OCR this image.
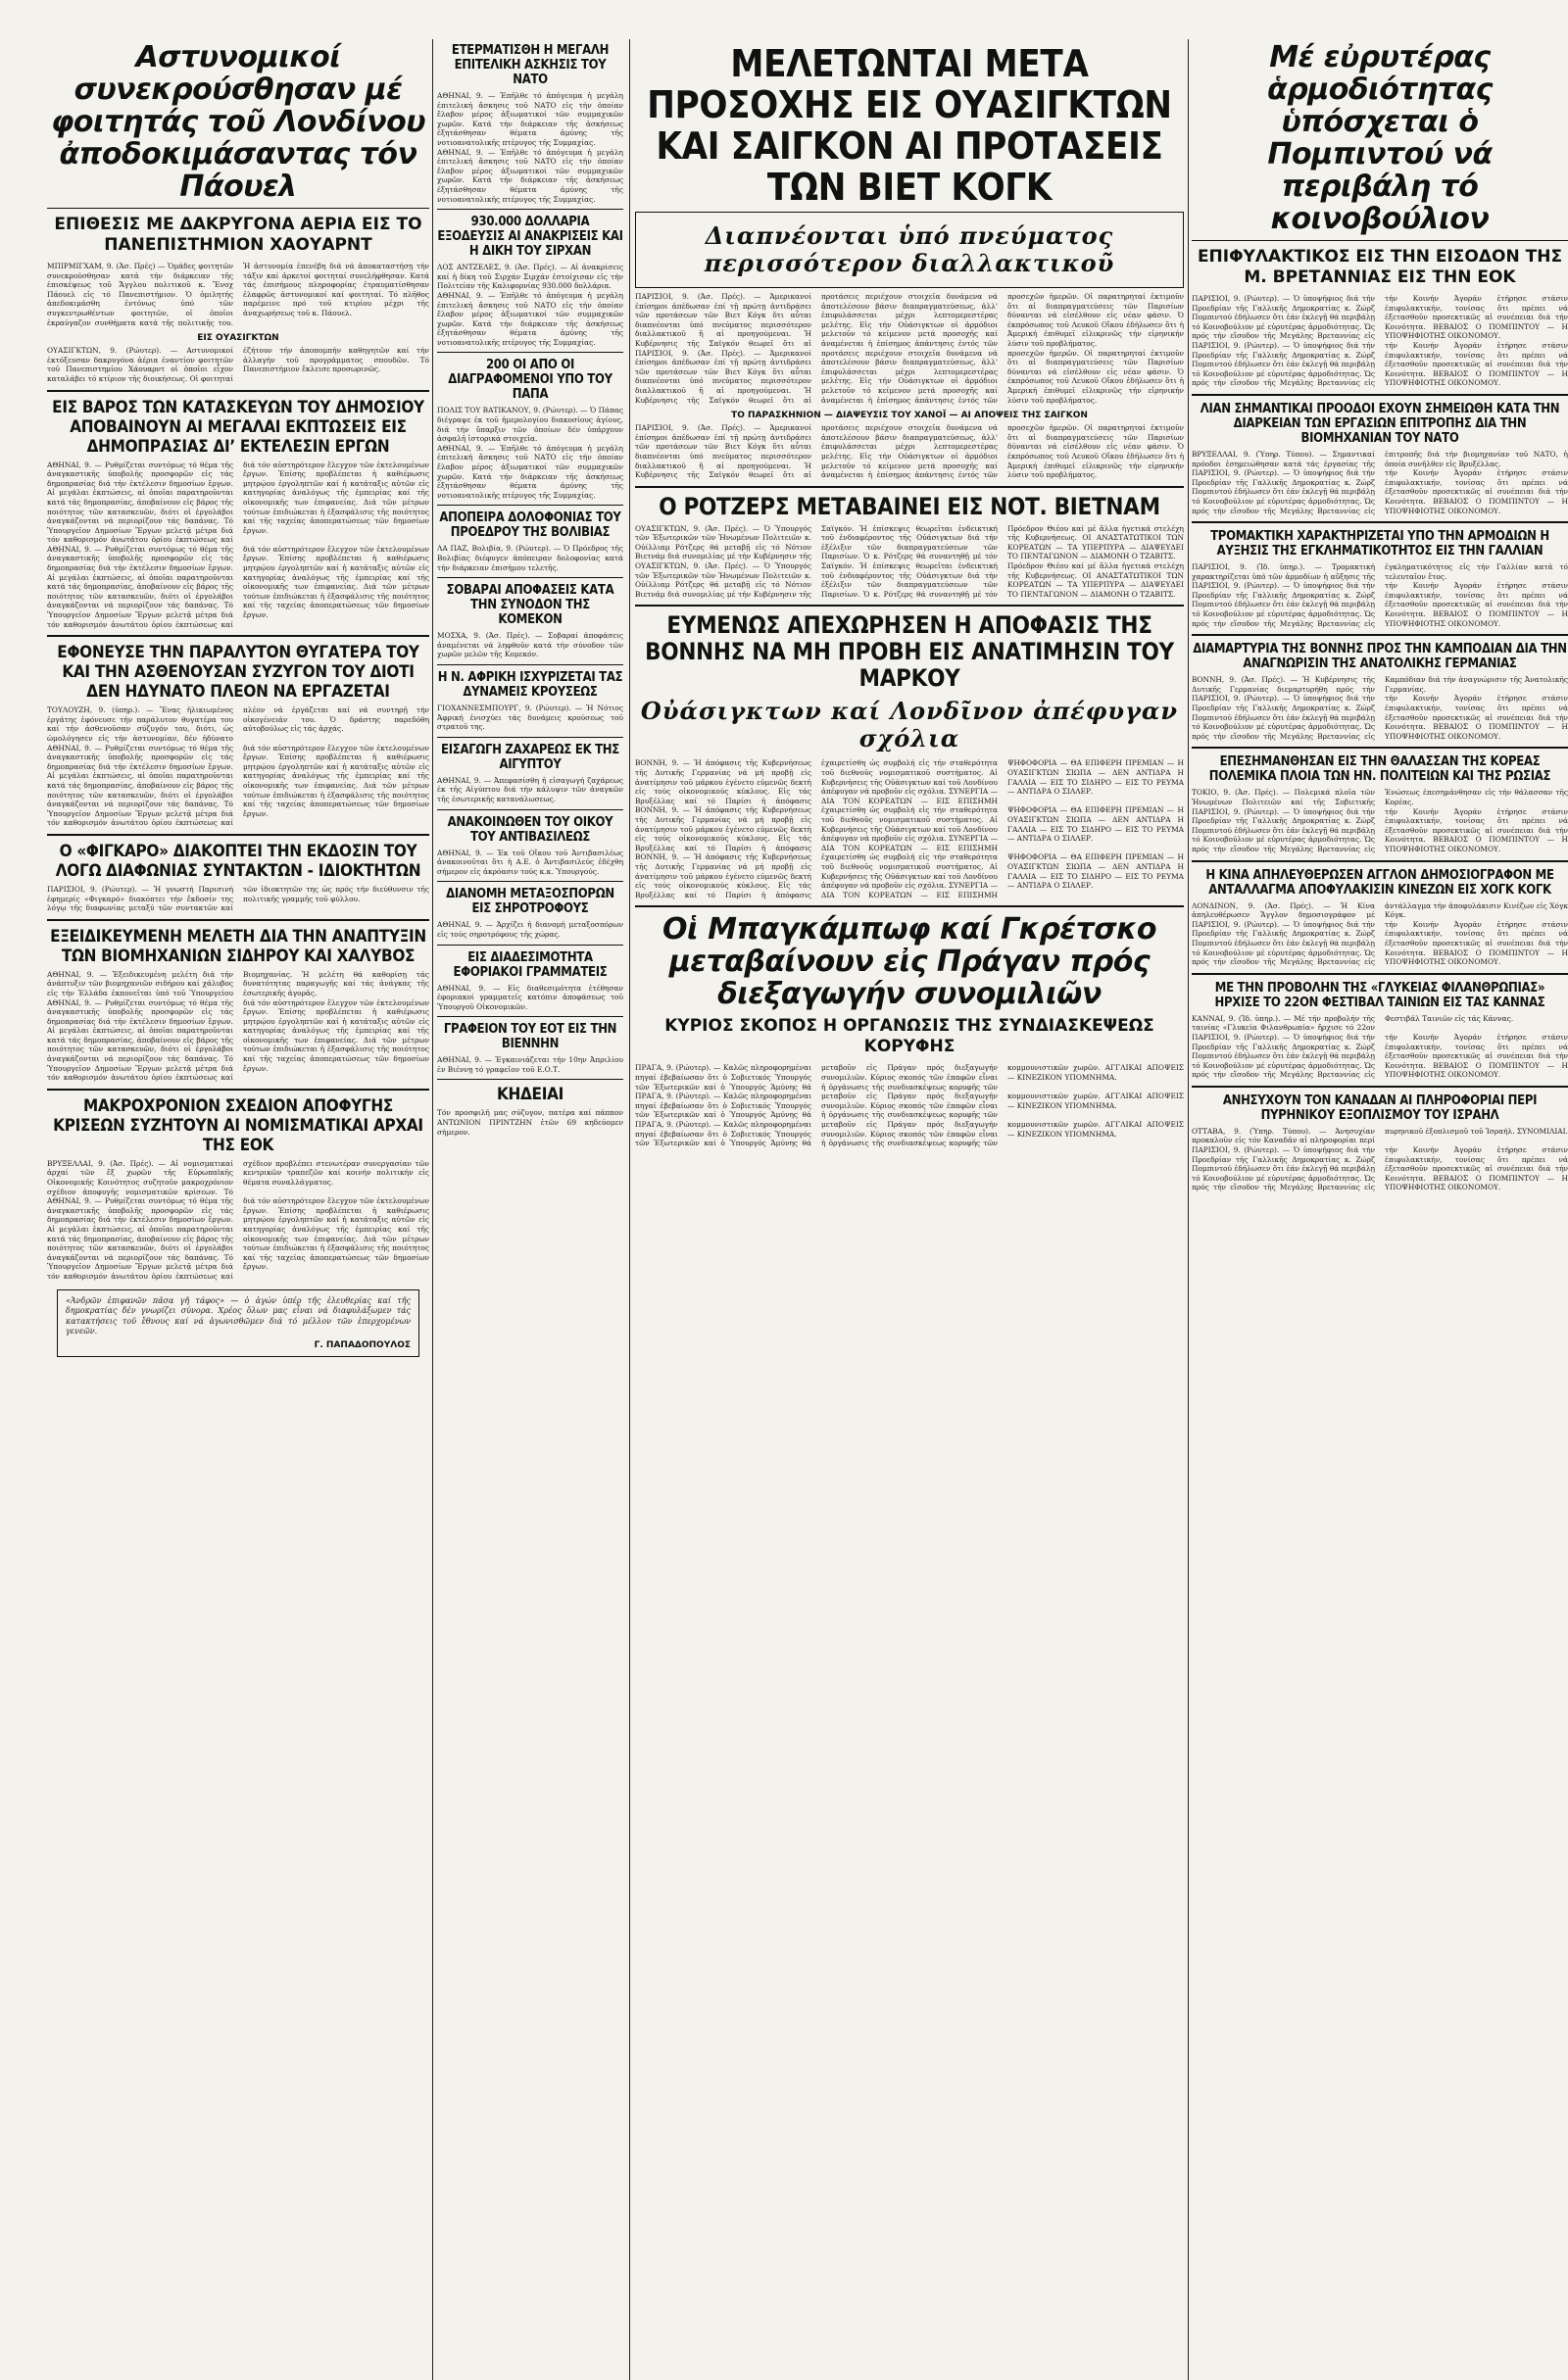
Αστυνομικοί συνεκρούσθησαν μέ φοιτητάς τοῦ Λονδίνου ἀποδοκιμάσαντας τόν Πάουελ
ΕΠΙΘΕΣΙΣ ΜΕ ΔΑΚΡΥΓΟΝΑ ΑΕΡΙΑ ΕΙΣ ΤΟ ΠΑΝΕΠΙΣΤΗΜΙΟΝ ΧΑΟΥΑΡΝΤ

ΜΠΙΡΜΙΓΧΑΜ, 9. (Ἀσ. Πρές) — Ὁμάδες φοιτητῶν συνεκρούσθησαν κατά τήν διάρκειαν τῆς ἐπισκέψεως τοῦ Ἄγγλου πολιτικοῦ κ. Ἔνοχ Πάουελ εἰς τό Πανεπιστήμιον. Ὁ ὁμιλητής ἀπεδοκιμάσθη ἐντόνως ὑπό τῶν συγκεντρωθέντων φοιτητῶν, οἱ ὁποῖοι ἐκραύγαζον συνθήματα κατά τῆς πολιτικῆς του. Ἡ ἀστυνομία ἐπενέβη διά νά ἀποκαταστήσῃ τήν τάξιν καί ἀρκετοί φοιτηταί συνελήφθησαν. Κατά τάς ἐπισήμους πληροφορίας ἐτραυματίσθησαν ἐλαφρῶς ἀστυνομικοί καί φοιτηταί. Τό πλῆθος παρέμεινε πρό τοῦ κτιρίου μέχρι τῆς ἀναχωρήσεως τοῦ κ. Πάουελ.

ΕΙΣ ΟΥΑΣΙΓΚΤΩΝ

ΟΥΑΣΙΓΚΤΩΝ, 9. (Ρώυτερ). — Αστυνομικοί ἐκτόξευσαν δακρυγόνα ἀέρια ἐναντίον φοιτητῶν τοῦ Πανεπιστημίου Χάουαρντ οἱ ὁποῖοι εἶχον καταλάβει τό κτίριον τῆς διοικήσεως. Οἱ φοιτηταί ἐζήτουν τήν ἀποπομπήν καθηγητῶν καί τήν ἀλλαγήν τοῦ προγράμματος σπουδῶν. Τό Πανεπιστήμιον ἔκλεισε προσωρινῶς.

ΕΙΣ ΒΑΡΟΣ ΤΩΝ ΚΑΤΑΣΚΕΥΩΝ ΤΟΥ ΔΗΜΟΣΙΟΥ ΑΠΟΒΑΙΝΟΥΝ ΑΙ ΜΕΓΑΛΑΙ ΕΚΠΤΩΣΕΙΣ ΕΙΣ ΔΗΜΟΠΡΑΣΙΑΣ ΔΙ’ ΕΚΤΕΛΕΣΙΝ ΕΡΓΩΝ

ΑΘΗΝΑΙ, 9. — Ρυθμίζεται συντόμως τό θέμα τῆς ἀναγκαστικῆς ὑποβολῆς προσφορῶν εἰς τάς δημοπρασίας διά τήν ἐκτέλεσιν δημοσίων ἔργων. Αἱ μεγάλαι ἐκπτώσεις, αἱ ὁποῖαι παρατηροῦνται κατά τάς δημοπρασίας, ἀποβαίνουν εἰς βάρος τῆς ποιότητος τῶν κατασκευῶν, διότι οἱ ἐργολάβοι ἀναγκάζονται νά περιορίζουν τάς δαπάνας. Τό Ὑπουργεῖον Δημοσίων Ἔργων μελετᾷ μέτρα διά τόν καθορισμόν ἀνωτάτου ὁρίου ἐκπτώσεως καί διά τόν αὐστηρότερον ἔλεγχον τῶν ἐκτελουμένων ἔργων. Ἐπίσης προβλέπεται ἡ καθιέρωσις μητρῴου ἐργοληπτῶν καί ἡ κατάταξις αὐτῶν εἰς κατηγορίας ἀναλόγως τῆς ἐμπειρίας καί τῆς οἰκονομικῆς των ἐπιφανείας. Διά τῶν μέτρων τούτων ἐπιδιώκεται ἡ ἐξασφάλισις τῆς ποιότητος καί τῆς ταχείας ἀποπερατώσεως τῶν δημοσίων ἔργων.

ΑΘΗΝΑΙ, 9. — Ρυθμίζεται συντόμως τό θέμα τῆς ἀναγκαστικῆς ὑποβολῆς προσφορῶν εἰς τάς δημοπρασίας διά τήν ἐκτέλεσιν δημοσίων ἔργων. Αἱ μεγάλαι ἐκπτώσεις, αἱ ὁποῖαι παρατηροῦνται κατά τάς δημοπρασίας, ἀποβαίνουν εἰς βάρος τῆς ποιότητος τῶν κατασκευῶν, διότι οἱ ἐργολάβοι ἀναγκάζονται νά περιορίζουν τάς δαπάνας. Τό Ὑπουργεῖον Δημοσίων Ἔργων μελετᾷ μέτρα διά τόν καθορισμόν ἀνωτάτου ὁρίου ἐκπτώσεως καί διά τόν αὐστηρότερον ἔλεγχον τῶν ἐκτελουμένων ἔργων. Ἐπίσης προβλέπεται ἡ καθιέρωσις μητρῴου ἐργοληπτῶν καί ἡ κατάταξις αὐτῶν εἰς κατηγορίας ἀναλόγως τῆς ἐμπειρίας καί τῆς οἰκονομικῆς των ἐπιφανείας. Διά τῶν μέτρων τούτων ἐπιδιώκεται ἡ ἐξασφάλισις τῆς ποιότητος καί τῆς ταχείας ἀποπερατώσεως τῶν δημοσίων ἔργων.

ΕΦΟΝΕΥΣΕ ΤΗΝ ΠΑΡΑΛΥΤΟΝ ΘΥΓΑΤΕΡΑ ΤΟΥ ΚΑΙ ΤΗΝ ΑΣΘΕΝΟΥΣΑΝ ΣΥΖΥΓΟΝ ΤΟΥ ΔΙΟΤΙ ΔΕΝ ΗΔΥΝΑΤΟ ΠΛΕΟΝ ΝΑ ΕΡΓΑΖΕΤΑΙ

ΤΟΥΛΟΥΖΗ, 9. (ὑπηρ.). — Ἕνας ἡλικιωμένος ἐργάτης ἐφόνευσε τήν παράλυτον θυγατέρα του καί τήν ἀσθενοῦσαν σύζυγόν του, διότι, ὡς ὡμολόγησεν εἰς τήν ἀστυνομίαν, δέν ἠδύνατο πλέον νά ἐργάζεται καί νά συντηρῇ τήν οἰκογένειάν του. Ὁ δράστης παρεδόθη αὐτοβούλως εἰς τάς ἀρχάς.

ΑΘΗΝΑΙ, 9. — Ρυθμίζεται συντόμως τό θέμα τῆς ἀναγκαστικῆς ὑποβολῆς προσφορῶν εἰς τάς δημοπρασίας διά τήν ἐκτέλεσιν δημοσίων ἔργων. Αἱ μεγάλαι ἐκπτώσεις, αἱ ὁποῖαι παρατηροῦνται κατά τάς δημοπρασίας, ἀποβαίνουν εἰς βάρος τῆς ποιότητος τῶν κατασκευῶν, διότι οἱ ἐργολάβοι ἀναγκάζονται νά περιορίζουν τάς δαπάνας. Τό Ὑπουργεῖον Δημοσίων Ἔργων μελετᾷ μέτρα διά τόν καθορισμόν ἀνωτάτου ὁρίου ἐκπτώσεως καί διά τόν αὐστηρότερον ἔλεγχον τῶν ἐκτελουμένων ἔργων. Ἐπίσης προβλέπεται ἡ καθιέρωσις μητρῴου ἐργοληπτῶν καί ἡ κατάταξις αὐτῶν εἰς κατηγορίας ἀναλόγως τῆς ἐμπειρίας καί τῆς οἰκονομικῆς των ἐπιφανείας. Διά τῶν μέτρων τούτων ἐπιδιώκεται ἡ ἐξασφάλισις τῆς ποιότητος καί τῆς ταχείας ἀποπερατώσεως τῶν δημοσίων ἔργων.

Ο «ΦΙΓΚΑΡΟ» ΔΙΑΚΟΠΤΕΙ ΤΗΝ ΕΚΔΟΣΙΝ ΤΟΥ ΛΟΓΩ ΔΙΑΦΩΝΙΑΣ ΣΥΝΤΑΚΤΩΝ - ΙΔΙΟΚΤΗΤΩΝ

ΠΑΡΙΣΙΟΙ, 9. (Ρώυτερ). — Ἡ γνωστή Παρισινή ἐφημερίς «Φιγκαρό» διακόπτει τήν ἔκδοσίν της λόγῳ τῆς διαφωνίας μεταξύ τῶν συντακτῶν καί τῶν ἰδιοκτητῶν της ὡς πρός τήν διεύθυνσιν τῆς πολιτικῆς γραμμῆς τοῦ φύλλου.

ΕΞΕΙΔΙΚΕΥΜΕΝΗ ΜΕΛΕΤΗ ΔΙΑ ΤΗΝ ΑΝΑΠΤΥΞΙΝ ΤΩΝ ΒΙΟΜΗΧΑΝΙΩΝ ΣΙΔΗΡΟΥ ΚΑΙ ΧΑΛΥΒΟΣ

ΑΘΗΝΑΙ, 9. — Ἐξειδικευμένη μελέτη διά τήν ἀνάπτυξιν τῶν βιομηχανιῶν σιδήρου καί χάλυβος εἰς τήν Ἑλλάδα ἐκπονεῖται ὑπό τοῦ Ὑπουργείου Βιομηχανίας. Ἡ μελέτη θά καθορίσῃ τάς δυνατότητας παραγωγῆς καί τάς ἀνάγκας τῆς ἐσωτερικῆς ἀγορᾶς.

ΑΘΗΝΑΙ, 9. — Ρυθμίζεται συντόμως τό θέμα τῆς ἀναγκαστικῆς ὑποβολῆς προσφορῶν εἰς τάς δημοπρασίας διά τήν ἐκτέλεσιν δημοσίων ἔργων. Αἱ μεγάλαι ἐκπτώσεις, αἱ ὁποῖαι παρατηροῦνται κατά τάς δημοπρασίας, ἀποβαίνουν εἰς βάρος τῆς ποιότητος τῶν κατασκευῶν, διότι οἱ ἐργολάβοι ἀναγκάζονται νά περιορίζουν τάς δαπάνας. Τό Ὑπουργεῖον Δημοσίων Ἔργων μελετᾷ μέτρα διά τόν καθορισμόν ἀνωτάτου ὁρίου ἐκπτώσεως καί διά τόν αὐστηρότερον ἔλεγχον τῶν ἐκτελουμένων ἔργων. Ἐπίσης προβλέπεται ἡ καθιέρωσις μητρῴου ἐργοληπτῶν καί ἡ κατάταξις αὐτῶν εἰς κατηγορίας ἀναλόγως τῆς ἐμπειρίας καί τῆς οἰκονομικῆς των ἐπιφανείας. Διά τῶν μέτρων τούτων ἐπιδιώκεται ἡ ἐξασφάλισις τῆς ποιότητος καί τῆς ταχείας ἀποπερατώσεως τῶν δημοσίων ἔργων.

ΜΑΚΡΟΧΡΟΝΙΟΝ ΣΧΕΔΙΟΝ ΑΠΟΦΥΓΗΣ ΚΡΙΣΕΩΝ ΣΥΖΗΤΟΥΝ ΑΙ ΝΟΜΙΣΜΑΤΙΚΑΙ ΑΡΧΑΙ ΤΗΣ ΕΟΚ

ΒΡΥΞΕΛΛΑΙ, 9. (Ἀσ. Πρές). — Αἱ νομισματικαί ἀρχαί τῶν ἕξ χωρῶν τῆς Εὐρωπαϊκῆς Οἰκονομικῆς Κοινότητος συζητοῦν μακροχρόνιον σχέδιον ἀποφυγῆς νομισματικῶν κρίσεων. Τό σχέδιον προβλέπει στενωτέραν συνεργασίαν τῶν κεντρικῶν τραπεζῶν καί κοινήν πολιτικήν εἰς θέματα συναλλάγματος.

ΑΘΗΝΑΙ, 9. — Ρυθμίζεται συντόμως τό θέμα τῆς ἀναγκαστικῆς ὑποβολῆς προσφορῶν εἰς τάς δημοπρασίας διά τήν ἐκτέλεσιν δημοσίων ἔργων. Αἱ μεγάλαι ἐκπτώσεις, αἱ ὁποῖαι παρατηροῦνται κατά τάς δημοπρασίας, ἀποβαίνουν εἰς βάρος τῆς ποιότητος τῶν κατασκευῶν, διότι οἱ ἐργολάβοι ἀναγκάζονται νά περιορίζουν τάς δαπάνας. Τό Ὑπουργεῖον Δημοσίων Ἔργων μελετᾷ μέτρα διά τόν καθορισμόν ἀνωτάτου ὁρίου ἐκπτώσεως καί διά τόν αὐστηρότερον ἔλεγχον τῶν ἐκτελουμένων ἔργων. Ἐπίσης προβλέπεται ἡ καθιέρωσις μητρῴου ἐργοληπτῶν καί ἡ κατάταξις αὐτῶν εἰς κατηγορίας ἀναλόγως τῆς ἐμπειρίας καί τῆς οἰκονομικῆς των ἐπιφανείας. Διά τῶν μέτρων τούτων ἐπιδιώκεται ἡ ἐξασφάλισις τῆς ποιότητος καί τῆς ταχείας ἀποπερατώσεως τῶν δημοσίων ἔργων.

«Ἀνδρῶν ἐπιφανῶν πᾶσα γῆ τάφος» — ὁ ἀγών ὑπέρ τῆς ἐλευθερίας καί τῆς δημοκρατίας δέν γνωρίζει σύνορα. Χρέος ὅλων μας εἶναι νά διαφυλάξωμεν τάς κατακτήσεις τοῦ ἔθνους καί νά ἀγωνισθῶμεν διά τό μέλλον τῶν ἐπερχομένων γενεῶν.

Γ. ΠΑΠΑΔΟΠΟΥΛΟΣ
ΕΤΕΡΜΑΤΙΣΘΗ Η ΜΕΓΑΛΗ ΕΠΙΤΕΛΙΚΗ ΑΣΚΗΣΙΣ ΤΟΥ ΝΑΤΟ

ΑΘΗΝΑΙ, 9. — Ἐπῆλθε τό ἀπόγευμα ἡ μεγάλη ἐπιτελική ἄσκησις τοῦ ΝΑΤΟ εἰς τήν ὁποίαν ἔλαβον μέρος ἀξιωματικοί τῶν συμμαχικῶν χωρῶν. Κατά τήν διάρκειαν τῆς ἀσκήσεως ἐξητάσθησαν θέματα ἀμύνης τῆς νοτιοανατολικῆς πτέρυγος τῆς Συμμαχίας.

ΑΘΗΝΑΙ, 9. — Ἐπῆλθε τό ἀπόγευμα ἡ μεγάλη ἐπιτελική ἄσκησις τοῦ ΝΑΤΟ εἰς τήν ὁποίαν ἔλαβον μέρος ἀξιωματικοί τῶν συμμαχικῶν χωρῶν. Κατά τήν διάρκειαν τῆς ἀσκήσεως ἐξητάσθησαν θέματα ἀμύνης τῆς νοτιοανατολικῆς πτέρυγος τῆς Συμμαχίας.

930.000 ΔΟΛΛΑΡΙΑ ΕΞΟΔΕΥΣΙΣ ΑΙ ΑΝΑΚΡΙΣΕΙΣ ΚΑΙ Η ΔΙΚΗ ΤΟΥ ΣΙΡΧΑΝ

ΛΟΣ ΑΝΤΖΕΛΕΣ, 9. (Ἀσ. Πρές). — Αἱ ἀνακρίσεις καί ἡ δίκη τοῦ Σιρχάν Σιρχάν ἐστοίχισαν εἰς τήν Πολιτείαν τῆς Καλιφορνίας 930.000 δολλάρια.

ΑΘΗΝΑΙ, 9. — Ἐπῆλθε τό ἀπόγευμα ἡ μεγάλη ἐπιτελική ἄσκησις τοῦ ΝΑΤΟ εἰς τήν ὁποίαν ἔλαβον μέρος ἀξιωματικοί τῶν συμμαχικῶν χωρῶν. Κατά τήν διάρκειαν τῆς ἀσκήσεως ἐξητάσθησαν θέματα ἀμύνης τῆς νοτιοανατολικῆς πτέρυγος τῆς Συμμαχίας.

200 ΟΙ ΑΠΟ ΟΙ ΔΙΑΓΡΑΦΟΜΕΝΟΙ ΥΠΟ ΤΟΥ ΠΑΠΑ

ΠΟΛΙΣ ΤΟΥ ΒΑΤΙΚΑΝΟΥ, 9. (Ρώυτερ). — Ὁ Πάπας διέγραψε ἐκ τοῦ ἡμερολογίου διακοσίους ἁγίους, διά τήν ὕπαρξιν τῶν ὁποίων δέν ὑπάρχουν ἀσφαλῆ ἱστορικά στοιχεῖα.

ΑΘΗΝΑΙ, 9. — Ἐπῆλθε τό ἀπόγευμα ἡ μεγάλη ἐπιτελική ἄσκησις τοῦ ΝΑΤΟ εἰς τήν ὁποίαν ἔλαβον μέρος ἀξιωματικοί τῶν συμμαχικῶν χωρῶν. Κατά τήν διάρκειαν τῆς ἀσκήσεως ἐξητάσθησαν θέματα ἀμύνης τῆς νοτιοανατολικῆς πτέρυγος τῆς Συμμαχίας.

ΑΠΟΠΕΙΡΑ ΔΟΛΟΦΟΝΙΑΣ ΤΟΥ ΠΡΟΕΔΡΟΥ ΤΗΣ ΒΟΛΙΒΙΑΣ

ΛΑ ΠΑΖ, Βολιβία, 9. (Ρώυτερ). — Ὁ Πρόεδρος τῆς Βολιβίας διέφυγεν ἀπόπειραν δολοφονίας κατά τήν διάρκειαν ἐπισήμου τελετῆς.

ΣΟΒΑΡΑΙ ΑΠΟΦΑΣΕΙΣ ΚΑΤΑ ΤΗΝ ΣΥΝΟΔΟΝ ΤΗΣ ΚΟΜΕΚΟΝ

ΜΟΣΧΑ, 9. (Ἀσ. Πρές). — Σοβαραί ἀποφάσεις ἀναμένεται νά ληφθοῦν κατά τήν σύνοδον τῶν χωρῶν μελῶν τῆς Κομεκόν.

Η Ν. ΑΦΡΙΚΗ ΙΣΧΥΡΙΖΕΤΑΙ ΤΑΣ ΔΥΝΑΜΕΙΣ ΚΡΟΥΣΕΩΣ

ΓΙΟΧΑΝΝΕΣΜΠΟΥΡΓ, 9. (Ρώυτερ). — Ἡ Νότιος Ἀφρική ἐνισχύει τάς δυνάμεις κρούσεως τοῦ στρατοῦ της.

ΕΙΣΑΓΩΓΗ ΖΑΧΑΡΕΩΣ ΕΚ ΤΗΣ ΑΙΓΥΠΤΟΥ

ΑΘΗΝΑΙ, 9. — Ἀπεφασίσθη ἡ εἰσαγωγή ζαχάρεως ἐκ τῆς Αἰγύπτου διά τήν κάλυψιν τῶν ἀναγκῶν τῆς ἐσωτερικῆς κατανάλωσεως.

ΑΝΑΚΟΙΝΩΘΕΝ ΤΟΥ ΟΙΚΟΥ ΤΟΥ ΑΝΤΙΒΑΣΙΛΕΩΣ

ΑΘΗΝΑΙ, 9. — Ἐκ τοῦ Οἴκου τοῦ Ἀντιβασιλέως ἀνακοινοῦται ὅτι ἡ Α.Ε. ὁ Ἀντιβασιλεύς ἐδέχθη σήμερον εἰς ἀκρόασιν τούς κ.κ. Ὑπουργούς.

ΔΙΑΝΟΜΗ ΜΕΤΑΞΟΣΠΟΡΩΝ ΕΙΣ ΣΗΡΟΤΡΟΦΟΥΣ

ΑΘΗΝΑΙ, 9. — Ἀρχίζει ἡ διανομή μεταξοσπόρων εἰς τούς σηροτρόφους τῆς χώρας.

ΕΙΣ ΔΙΑΔΕΣΙΜΟΤΗΤΑ ΕΦΟΡΙΑΚΟΙ ΓΡΑΜΜΑΤΕΙΣ

ΑΘΗΝΑΙ, 9. — Εἰς διαθεσιμότητα ἐτέθησαν ἐφοριακοί γραμματεῖς κατόπιν ἀποφάσεως τοῦ Ὑπουργοῦ Οἰκονομικῶν.

ΓΡΑΦΕΙΟΝ ΤΟΥ ΕΟΤ ΕΙΣ ΤΗΝ ΒΙΕΝΝΗΝ

ΑΘΗΝΑΙ, 9. — Ἐγκαινιάζεται τήν 10ην Ἀπριλίου ἐν Βιέννῃ τό γραφεῖον τοῦ Ε.Ο.Τ.

ΚΗΔΕΙΑΙ

Τόν προσφιλῆ μας σύζυγον, πατέρα καί πάππον ΑΝΤΩΝΙΟΝ ΠΡΙΝΤΖΗΝ ἐτῶν 69 κηδεύομεν σήμερον.

ΜΕΛΕΤΩΝΤΑΙ ΜΕΤΑ ΠΡΟΣΟΧΗΣ ΕΙΣ ΟΥΑΣΙΓΚΤΩΝ ΚΑΙ ΣΑΙΓΚΟΝ ΑΙ ΠΡΟΤΑΣΕΙΣ ΤΩΝ ΒΙΕΤ ΚΟΓΚ
Διαπνέονται ὑπό πνεύματος περισσότερον διαλλακτικοῦ

ΠΑΡΙΣΙΟΙ, 9. (Ἀσ. Πρές). — Ἀμερικανοί ἐπίσημοι ἀπέδωσαν ἐπί τῇ πρώτῃ ἀντιδράσει τῶν προτάσεων τῶν Βιετ Κόγκ ὅτι αὗται διαπνέονται ὑπό πνεύματος περισσότερον διαλλακτικοῦ ἤ αἱ προηγούμεναι. Ἡ Κυβέρνησις τῆς Σαϊγκόν θεωρεῖ ὅτι αἱ προτάσεις περιέχουν στοιχεῖα δυνάμενα νά ἀποτελέσουν βάσιν διαπραγματεύσεως, ἀλλ' ἐπιφυλάσσεται μέχρι λεπτομερεστέρας μελέτης. Εἰς τήν Οὐάσιγκτων οἱ ἁρμόδιοι μελετοῦν τό κείμενον μετά προσοχῆς καί ἀναμένεται ἡ ἐπίσημος ἀπάντησις ἐντός τῶν προσεχῶν ἡμερῶν. Οἱ παρατηρηταί ἐκτιμοῦν ὅτι αἱ διαπραγματεύσεις τῶν Παρισίων δύνανται νά εἰσέλθουν εἰς νέαν φάσιν. Ὁ ἐκπρόσωπος τοῦ Λευκοῦ Οἴκου ἐδήλωσεν ὅτι ἡ Ἀμερική ἐπιθυμεῖ εἰλικρινῶς τήν εἰρηνικήν λύσιν τοῦ προβλήματος.

ΠΑΡΙΣΙΟΙ, 9. (Ἀσ. Πρές). — Ἀμερικανοί ἐπίσημοι ἀπέδωσαν ἐπί τῇ πρώτῃ ἀντιδράσει τῶν προτάσεων τῶν Βιετ Κόγκ ὅτι αὗται διαπνέονται ὑπό πνεύματος περισσότερον διαλλακτικοῦ ἤ αἱ προηγούμεναι. Ἡ Κυβέρνησις τῆς Σαϊγκόν θεωρεῖ ὅτι αἱ προτάσεις περιέχουν στοιχεῖα δυνάμενα νά ἀποτελέσουν βάσιν διαπραγματεύσεως, ἀλλ' ἐπιφυλάσσεται μέχρι λεπτομερεστέρας μελέτης. Εἰς τήν Οὐάσιγκτων οἱ ἁρμόδιοι μελετοῦν τό κείμενον μετά προσοχῆς καί ἀναμένεται ἡ ἐπίσημος ἀπάντησις ἐντός τῶν προσεχῶν ἡμερῶν. Οἱ παρατηρηταί ἐκτιμοῦν ὅτι αἱ διαπραγματεύσεις τῶν Παρισίων δύνανται νά εἰσέλθουν εἰς νέαν φάσιν. Ὁ ἐκπρόσωπος τοῦ Λευκοῦ Οἴκου ἐδήλωσεν ὅτι ἡ Ἀμερική ἐπιθυμεῖ εἰλικρινῶς τήν εἰρηνικήν λύσιν τοῦ προβλήματος.

ΤΟ ΠΑΡΑΣΚΗΝΙΟΝ — ΔΙΑΨΕΥΣΙΣ ΤΟΥ ΧΑΝΟΪ — ΑΙ ΑΠΟΨΕΙΣ ΤΗΣ ΣΑΙΓΚΟΝ

ΠΑΡΙΣΙΟΙ, 9. (Ἀσ. Πρές). — Ἀμερικανοί ἐπίσημοι ἀπέδωσαν ἐπί τῇ πρώτῃ ἀντιδράσει τῶν προτάσεων τῶν Βιετ Κόγκ ὅτι αὗται διαπνέονται ὑπό πνεύματος περισσότερον διαλλακτικοῦ ἤ αἱ προηγούμεναι. Ἡ Κυβέρνησις τῆς Σαϊγκόν θεωρεῖ ὅτι αἱ προτάσεις περιέχουν στοιχεῖα δυνάμενα νά ἀποτελέσουν βάσιν διαπραγματεύσεως, ἀλλ' ἐπιφυλάσσεται μέχρι λεπτομερεστέρας μελέτης. Εἰς τήν Οὐάσιγκτων οἱ ἁρμόδιοι μελετοῦν τό κείμενον μετά προσοχῆς καί ἀναμένεται ἡ ἐπίσημος ἀπάντησις ἐντός τῶν προσεχῶν ἡμερῶν. Οἱ παρατηρηταί ἐκτιμοῦν ὅτι αἱ διαπραγματεύσεις τῶν Παρισίων δύνανται νά εἰσέλθουν εἰς νέαν φάσιν. Ὁ ἐκπρόσωπος τοῦ Λευκοῦ Οἴκου ἐδήλωσεν ὅτι ἡ Ἀμερική ἐπιθυμεῖ εἰλικρινῶς τήν εἰρηνικήν λύσιν τοῦ προβλήματος.

Ο ΡΟΤΖΕΡΣ ΜΕΤΑΒΑΙΝΕΙ ΕΙΣ ΝΟΤ. ΒΙΕΤΝΑΜ

ΟΥΑΣΙΓΚΤΩΝ, 9. (Ἀσ. Πρές). — Ὁ Ὑπουργός τῶν Ἐξωτερικῶν τῶν Ἡνωμένων Πολιτειῶν κ. Οὐίλλιαμ Ρότζερς θά μεταβῇ εἰς τό Νότιον Βιετνάμ διά συνομιλίας μέ τήν Κυβέρνησιν τῆς Σαϊγκόν. Ἡ ἐπίσκεψις θεωρεῖται ἐνδεικτική τοῦ ἐνδιαφέροντος τῆς Οὐάσιγκτων διά τήν ἐξέλιξιν τῶν διαπραγματεύσεων τῶν Παρισίων. Ὁ κ. Ρότζερς θά συναντηθῇ μέ τόν Πρόεδρον Θιέου καί μέ ἄλλα ἡγετικά στελέχη τῆς Κυβερνήσεως. ΟΙ ΑΝΑΣΤΑΤΩΤΙΚΟΙ ΤΩΝ ΚΟΡΕΑΤΩΝ — ΤΑ ΥΠΕΡΠΥΡΑ — ΔΙΑΨΕΥΔΕΙ ΤΟ ΠΕΝΤΑΓΩΝΟΝ — ΔΙΑΜΟΝΗ Ο ΤΖΑΒΙΤΣ.

ΟΥΑΣΙΓΚΤΩΝ, 9. (Ἀσ. Πρές). — Ὁ Ὑπουργός τῶν Ἐξωτερικῶν τῶν Ἡνωμένων Πολιτειῶν κ. Οὐίλλιαμ Ρότζερς θά μεταβῇ εἰς τό Νότιον Βιετνάμ διά συνομιλίας μέ τήν Κυβέρνησιν τῆς Σαϊγκόν. Ἡ ἐπίσκεψις θεωρεῖται ἐνδεικτική τοῦ ἐνδιαφέροντος τῆς Οὐάσιγκτων διά τήν ἐξέλιξιν τῶν διαπραγματεύσεων τῶν Παρισίων. Ὁ κ. Ρότζερς θά συναντηθῇ μέ τόν Πρόεδρον Θιέου καί μέ ἄλλα ἡγετικά στελέχη τῆς Κυβερνήσεως. ΟΙ ΑΝΑΣΤΑΤΩΤΙΚΟΙ ΤΩΝ ΚΟΡΕΑΤΩΝ — ΤΑ ΥΠΕΡΠΥΡΑ — ΔΙΑΨΕΥΔΕΙ ΤΟ ΠΕΝΤΑΓΩΝΟΝ — ΔΙΑΜΟΝΗ Ο ΤΖΑΒΙΤΣ.

ΕΥΜΕΝΩΣ ΑΠΕΧΩΡΗΣΕΝ Η ΑΠΟΦΑΣΙΣ ΤΗΣ ΒΟΝΝΗΣ ΝΑ ΜΗ ΠΡΟΒΗ ΕΙΣ ΑΝΑΤΙΜΗΣΙΝ ΤΟΥ ΜΑΡΚΟΥ
Οὐάσιγκτων καί Λονδῖνον ἀπέφυγαν σχόλια

ΒΟΝΝΗ, 9. — Ἡ ἀπόφασις τῆς Κυβερνήσεως τῆς Δυτικῆς Γερμανίας νά μή προβῇ εἰς ἀνατίμησιν τοῦ μάρκου ἐγένετο εὐμενῶς δεκτή εἰς τούς οἰκονομικούς κύκλους. Εἰς τάς Βρυξέλλας καί τό Παρίσι ἡ ἀπόφασις ἐχαιρετίσθη ὡς συμβολή εἰς τήν σταθερότητα τοῦ διεθνοῦς νομισματικοῦ συστήματος. Αἱ Κυβερνήσεις τῆς Οὐάσιγκτων καί τοῦ Λονδίνου ἀπέφυγαν νά προβοῦν εἰς σχόλια. ΣΥΝΕΡΓΙΑ — ΔΙΑ ΤΟΝ ΚΟΡΕΑΤΩΝ — ΕΙΣ ΕΠΙΣΗΜΗ ΨΗΦΟΦΟΡΙΑ — ΘΑ ΕΠΙΦΕΡΗ ΠΡΕΜΙΑΝ — Η ΟΥΑΣΙΓΚΤΩΝ ΣΙΩΠΑ — ΔΕΝ ΑΝΤΙΔΡΑ Η ΓΑΛΛΙΑ — ΕΙΣ ΤΟ ΣΙΔΗΡΟ — ΕΙΣ ΤΟ ΡΕΥΜΑ — ΑΝΤΙΔΡΑ Ο ΣΙΛΛΕΡ.

ΒΟΝΝΗ, 9. — Ἡ ἀπόφασις τῆς Κυβερνήσεως τῆς Δυτικῆς Γερμανίας νά μή προβῇ εἰς ἀνατίμησιν τοῦ μάρκου ἐγένετο εὐμενῶς δεκτή εἰς τούς οἰκονομικούς κύκλους. Εἰς τάς Βρυξέλλας καί τό Παρίσι ἡ ἀπόφασις ἐχαιρετίσθη ὡς συμβολή εἰς τήν σταθερότητα τοῦ διεθνοῦς νομισματικοῦ συστήματος. Αἱ Κυβερνήσεις τῆς Οὐάσιγκτων καί τοῦ Λονδίνου ἀπέφυγαν νά προβοῦν εἰς σχόλια. ΣΥΝΕΡΓΙΑ — ΔΙΑ ΤΟΝ ΚΟΡΕΑΤΩΝ — ΕΙΣ ΕΠΙΣΗΜΗ ΨΗΦΟΦΟΡΙΑ — ΘΑ ΕΠΙΦΕΡΗ ΠΡΕΜΙΑΝ — Η ΟΥΑΣΙΓΚΤΩΝ ΣΙΩΠΑ — ΔΕΝ ΑΝΤΙΔΡΑ Η ΓΑΛΛΙΑ — ΕΙΣ ΤΟ ΣΙΔΗΡΟ — ΕΙΣ ΤΟ ΡΕΥΜΑ — ΑΝΤΙΔΡΑ Ο ΣΙΛΛΕΡ.

ΒΟΝΝΗ, 9. — Ἡ ἀπόφασις τῆς Κυβερνήσεως τῆς Δυτικῆς Γερμανίας νά μή προβῇ εἰς ἀνατίμησιν τοῦ μάρκου ἐγένετο εὐμενῶς δεκτή εἰς τούς οἰκονομικούς κύκλους. Εἰς τάς Βρυξέλλας καί τό Παρίσι ἡ ἀπόφασις ἐχαιρετίσθη ὡς συμβολή εἰς τήν σταθερότητα τοῦ διεθνοῦς νομισματικοῦ συστήματος. Αἱ Κυβερνήσεις τῆς Οὐάσιγκτων καί τοῦ Λονδίνου ἀπέφυγαν νά προβοῦν εἰς σχόλια. ΣΥΝΕΡΓΙΑ — ΔΙΑ ΤΟΝ ΚΟΡΕΑΤΩΝ — ΕΙΣ ΕΠΙΣΗΜΗ ΨΗΦΟΦΟΡΙΑ — ΘΑ ΕΠΙΦΕΡΗ ΠΡΕΜΙΑΝ — Η ΟΥΑΣΙΓΚΤΩΝ ΣΙΩΠΑ — ΔΕΝ ΑΝΤΙΔΡΑ Η ΓΑΛΛΙΑ — ΕΙΣ ΤΟ ΣΙΔΗΡΟ — ΕΙΣ ΤΟ ΡΕΥΜΑ — ΑΝΤΙΔΡΑ Ο ΣΙΛΛΕΡ.

Οἱ Μπαγκάμπωφ καί Γκρέτσκο μεταβαίνουν εἰς Πράγαν πρός διεξαγωγήν συνομιλιῶν
ΚΥΡΙΟΣ ΣΚΟΠΟΣ Η ΟΡΓΑΝΩΣΙΣ ΤΗΣ ΣΥΝΔΙΑΣΚΕΨΕΩΣ ΚΟΡΥΦΗΣ

ΠΡΑΓΑ, 9. (Ρώυτερ). — Καλῶς πληροφορημέναι πηγαί ἐβεβαίωσαν ὅτι ὁ Σοβιετικός Ὑπουργός τῶν Ἐξωτερικῶν καί ὁ Ὑπουργός Ἀμύνης θά μεταβοῦν εἰς Πράγαν πρός διεξαγωγήν συνομιλιῶν. Κύριος σκοπός τῶν ἐπαφῶν εἶναι ἡ ὀργάνωσις τῆς συνδιασκέψεως κορυφῆς τῶν κομμουνιστικῶν χωρῶν. ΑΓΓΛΙΚΑΙ ΑΠΟΨΕΙΣ — ΚΙΝΕΖΙΚΟΝ ΥΠΟΜΝΗΜΑ.

ΠΡΑΓΑ, 9. (Ρώυτερ). — Καλῶς πληροφορημέναι πηγαί ἐβεβαίωσαν ὅτι ὁ Σοβιετικός Ὑπουργός τῶν Ἐξωτερικῶν καί ὁ Ὑπουργός Ἀμύνης θά μεταβοῦν εἰς Πράγαν πρός διεξαγωγήν συνομιλιῶν. Κύριος σκοπός τῶν ἐπαφῶν εἶναι ἡ ὀργάνωσις τῆς συνδιασκέψεως κορυφῆς τῶν κομμουνιστικῶν χωρῶν. ΑΓΓΛΙΚΑΙ ΑΠΟΨΕΙΣ — ΚΙΝΕΖΙΚΟΝ ΥΠΟΜΝΗΜΑ.

ΠΡΑΓΑ, 9. (Ρώυτερ). — Καλῶς πληροφορημέναι πηγαί ἐβεβαίωσαν ὅτι ὁ Σοβιετικός Ὑπουργός τῶν Ἐξωτερικῶν καί ὁ Ὑπουργός Ἀμύνης θά μεταβοῦν εἰς Πράγαν πρός διεξαγωγήν συνομιλιῶν. Κύριος σκοπός τῶν ἐπαφῶν εἶναι ἡ ὀργάνωσις τῆς συνδιασκέψεως κορυφῆς τῶν κομμουνιστικῶν χωρῶν. ΑΓΓΛΙΚΑΙ ΑΠΟΨΕΙΣ — ΚΙΝΕΖΙΚΟΝ ΥΠΟΜΝΗΜΑ.

Μέ εὐρυτέρας ἁρμοδιότητας ὑπόσχεται ὁ Πομπιντού νά περιβάλη τό κοινοβούλιον
ΕΠΙΦΥΛΑΚΤΙΚΟΣ ΕΙΣ ΤΗΝ ΕΙΣΟΔΟΝ ΤΗΣ Μ. ΒΡΕΤΑΝΝΙΑΣ ΕΙΣ ΤΗΝ ΕΟΚ

ΠΑΡΙΣΙΟΙ, 9. (Ρώυτερ). — Ὁ ὑποψήφιος διά τήν Προεδρίαν τῆς Γαλλικῆς Δημοκρατίας κ. Ζώρζ Πομπιντού ἐδήλωσεν ὅτι ἐάν ἐκλεγῇ θά περιβάλῃ τό Κοινοβούλιον μέ εὐρυτέρας ἁρμοδιότητας. Ὡς πρός τήν εἴσοδον τῆς Μεγάλης Βρεταννίας εἰς τήν Κοινήν Ἀγοράν ἐτήρησε στάσιν ἐπιφυλακτικήν, τονίσας ὅτι πρέπει νά ἐξετασθοῦν προσεκτικῶς αἱ συνέπειαι διά τήν Κοινότητα. ΒΕΒΑΙΟΣ Ο ΠΟΜΠΙΝΤΟΥ — Η ΥΠΟΨΗΦΙΟΤΗΣ ΟΙΚΟΝΟΜΟΥ.

ΠΑΡΙΣΙΟΙ, 9. (Ρώυτερ). — Ὁ ὑποψήφιος διά τήν Προεδρίαν τῆς Γαλλικῆς Δημοκρατίας κ. Ζώρζ Πομπιντού ἐδήλωσεν ὅτι ἐάν ἐκλεγῇ θά περιβάλῃ τό Κοινοβούλιον μέ εὐρυτέρας ἁρμοδιότητας. Ὡς πρός τήν εἴσοδον τῆς Μεγάλης Βρεταννίας εἰς τήν Κοινήν Ἀγοράν ἐτήρησε στάσιν ἐπιφυλακτικήν, τονίσας ὅτι πρέπει νά ἐξετασθοῦν προσεκτικῶς αἱ συνέπειαι διά τήν Κοινότητα. ΒΕΒΑΙΟΣ Ο ΠΟΜΠΙΝΤΟΥ — Η ΥΠΟΨΗΦΙΟΤΗΣ ΟΙΚΟΝΟΜΟΥ.

ΛΙΑΝ ΣΗΜΑΝΤΙΚΑΙ ΠΡΟΟΔΟΙ ΕΧΟΥΝ ΣΗΜΕΙΩΘΗ ΚΑΤΑ ΤΗΝ ΔΙΑΡΚΕΙΑΝ ΤΩΝ ΕΡΓΑΣΙΩΝ ΕΠΙΤΡΟΠΗΣ ΔΙΑ ΤΗΝ ΒΙΟΜΗΧΑΝΙΑΝ ΤΟΥ ΝΑΤΟ

ΒΡΥΞΕΛΛΑΙ, 9. (Ὑπηρ. Τύπου). — Σημαντικαί πρόοδοι ἐσημειώθησαν κατά τάς ἐργασίας τῆς ἐπιτροπῆς διά τήν βιομηχανίαν τοῦ ΝΑΤΟ, ἡ ὁποία συνῆλθεν εἰς Βρυξέλλας.

ΠΑΡΙΣΙΟΙ, 9. (Ρώυτερ). — Ὁ ὑποψήφιος διά τήν Προεδρίαν τῆς Γαλλικῆς Δημοκρατίας κ. Ζώρζ Πομπιντού ἐδήλωσεν ὅτι ἐάν ἐκλεγῇ θά περιβάλῃ τό Κοινοβούλιον μέ εὐρυτέρας ἁρμοδιότητας. Ὡς πρός τήν εἴσοδον τῆς Μεγάλης Βρεταννίας εἰς τήν Κοινήν Ἀγοράν ἐτήρησε στάσιν ἐπιφυλακτικήν, τονίσας ὅτι πρέπει νά ἐξετασθοῦν προσεκτικῶς αἱ συνέπειαι διά τήν Κοινότητα. ΒΕΒΑΙΟΣ Ο ΠΟΜΠΙΝΤΟΥ — Η ΥΠΟΨΗΦΙΟΤΗΣ ΟΙΚΟΝΟΜΟΥ.

ΤΡΟΜΑΚΤΙΚΗ ΧΑΡΑΚΤΗΡΙΖΕΤΑΙ ΥΠΟ ΤΗΝ ΑΡΜΟΔΙΩΝ Η ΑΥΞΗΣΙΣ ΤΗΣ ΕΓΚΛΗΜΑΤΙΚΟΤΗΤΟΣ ΕΙΣ ΤΗΝ ΓΑΛΛΙΑΝ

ΠΑΡΙΣΙΟΙ, 9. (Ἰδ. ὑπηρ.). — Τρομακτική χαρακτηρίζεται ὑπό τῶν ἁρμοδίων ἡ αὔξησις τῆς ἐγκληματικότητος εἰς τήν Γαλλίαν κατά τό τελευταῖον ἔτος.

ΠΑΡΙΣΙΟΙ, 9. (Ρώυτερ). — Ὁ ὑποψήφιος διά τήν Προεδρίαν τῆς Γαλλικῆς Δημοκρατίας κ. Ζώρζ Πομπιντού ἐδήλωσεν ὅτι ἐάν ἐκλεγῇ θά περιβάλῃ τό Κοινοβούλιον μέ εὐρυτέρας ἁρμοδιότητας. Ὡς πρός τήν εἴσοδον τῆς Μεγάλης Βρεταννίας εἰς τήν Κοινήν Ἀγοράν ἐτήρησε στάσιν ἐπιφυλακτικήν, τονίσας ὅτι πρέπει νά ἐξετασθοῦν προσεκτικῶς αἱ συνέπειαι διά τήν Κοινότητα. ΒΕΒΑΙΟΣ Ο ΠΟΜΠΙΝΤΟΥ — Η ΥΠΟΨΗΦΙΟΤΗΣ ΟΙΚΟΝΟΜΟΥ.

ΔΙΑΜΑΡΤΥΡΙΑ ΤΗΣ ΒΟΝΝΗΣ ΠΡΟΣ ΤΗΝ ΚΑΜΠΟΔΙΑΝ ΔΙΑ ΤΗΝ ΑΝΑΓΝΩΡΙΣΙΝ ΤΗΣ ΑΝΑΤΟΛΙΚΗΣ ΓΕΡΜΑΝΙΑΣ

ΒΟΝΝΗ, 9. (Ἀσ. Πρές). — Ἡ Κυβέρνησις τῆς Δυτικῆς Γερμανίας διεμαρτυρήθη πρός τήν Καμπόδιαν διά τήν ἀναγνώρισιν τῆς Ἀνατολικῆς Γερμανίας.

ΠΑΡΙΣΙΟΙ, 9. (Ρώυτερ). — Ὁ ὑποψήφιος διά τήν Προεδρίαν τῆς Γαλλικῆς Δημοκρατίας κ. Ζώρζ Πομπιντού ἐδήλωσεν ὅτι ἐάν ἐκλεγῇ θά περιβάλῃ τό Κοινοβούλιον μέ εὐρυτέρας ἁρμοδιότητας. Ὡς πρός τήν εἴσοδον τῆς Μεγάλης Βρεταννίας εἰς τήν Κοινήν Ἀγοράν ἐτήρησε στάσιν ἐπιφυλακτικήν, τονίσας ὅτι πρέπει νά ἐξετασθοῦν προσεκτικῶς αἱ συνέπειαι διά τήν Κοινότητα. ΒΕΒΑΙΟΣ Ο ΠΟΜΠΙΝΤΟΥ — Η ΥΠΟΨΗΦΙΟΤΗΣ ΟΙΚΟΝΟΜΟΥ.

ΕΠΕΣΗΜΑΝΘΗΣΑΝ ΕΙΣ ΤΗΝ ΘΑΛΑΣΣΑΝ ΤΗΣ ΚΟΡΕΑΣ ΠΟΛΕΜΙΚΑ ΠΛΟΙΑ ΤΩΝ ΗΝ. ΠΟΛΙΤΕΙΩΝ ΚΑΙ ΤΗΣ ΡΩΣΙΑΣ

ΤΟΚΙΟ, 9. (Ἀσ. Πρές). — Πολεμικά πλοῖα τῶν Ἡνωμένων Πολιτειῶν καί τῆς Σοβιετικῆς Ἑνώσεως ἐπεσημάνθησαν εἰς τήν θάλασσαν τῆς Κορέας.

ΠΑΡΙΣΙΟΙ, 9. (Ρώυτερ). — Ὁ ὑποψήφιος διά τήν Προεδρίαν τῆς Γαλλικῆς Δημοκρατίας κ. Ζώρζ Πομπιντού ἐδήλωσεν ὅτι ἐάν ἐκλεγῇ θά περιβάλῃ τό Κοινοβούλιον μέ εὐρυτέρας ἁρμοδιότητας. Ὡς πρός τήν εἴσοδον τῆς Μεγάλης Βρεταννίας εἰς τήν Κοινήν Ἀγοράν ἐτήρησε στάσιν ἐπιφυλακτικήν, τονίσας ὅτι πρέπει νά ἐξετασθοῦν προσεκτικῶς αἱ συνέπειαι διά τήν Κοινότητα. ΒΕΒΑΙΟΣ Ο ΠΟΜΠΙΝΤΟΥ — Η ΥΠΟΨΗΦΙΟΤΗΣ ΟΙΚΟΝΟΜΟΥ.

Η ΚΙΝΑ ΑΠΗΛΕΥΘΕΡΩΣΕΝ ΑΓΓΛΟΝ ΔΗΜΟΣΙΟΓΡΑΦΟΝ ΜΕ ΑΝΤΑΛΛΑΓΜΑ ΑΠΟΦΥΛΑΚΙΣΙΝ ΚΙΝΕΖΩΝ ΕΙΣ ΧΟΓΚ ΚΟΓΚ

ΛΟΝΔΙΝΟΝ, 9. (Ἀσ. Πρές). — Ἡ Κίνα ἀπηλευθέρωσεν Ἄγγλον δημοσιογράφον μέ ἀντάλλαγμα τήν ἀποφυλάκισιν Κινέζων εἰς Χόγκ Κόγκ.

ΠΑΡΙΣΙΟΙ, 9. (Ρώυτερ). — Ὁ ὑποψήφιος διά τήν Προεδρίαν τῆς Γαλλικῆς Δημοκρατίας κ. Ζώρζ Πομπιντού ἐδήλωσεν ὅτι ἐάν ἐκλεγῇ θά περιβάλῃ τό Κοινοβούλιον μέ εὐρυτέρας ἁρμοδιότητας. Ὡς πρός τήν εἴσοδον τῆς Μεγάλης Βρεταννίας εἰς τήν Κοινήν Ἀγοράν ἐτήρησε στάσιν ἐπιφυλακτικήν, τονίσας ὅτι πρέπει νά ἐξετασθοῦν προσεκτικῶς αἱ συνέπειαι διά τήν Κοινότητα. ΒΕΒΑΙΟΣ Ο ΠΟΜΠΙΝΤΟΥ — Η ΥΠΟΨΗΦΙΟΤΗΣ ΟΙΚΟΝΟΜΟΥ.

ΜΕ ΤΗΝ ΠΡΟΒΟΛΗΝ ΤΗΣ «ΓΛΥΚΕΙΑΣ ΦΙΛΑΝΘΡΩΠΙΑΣ» ΗΡΧΙΣΕ ΤΟ 22ΟΝ ΦΕΣΤΙΒΑΛ ΤΑΙΝΙΩΝ ΕΙΣ ΤΑΣ ΚΑΝΝΑΣ

ΚΑΝΝΑΙ, 9. (Ἰδ. ὑπηρ.). — Μέ τήν προβολήν τῆς ταινίας «Γλυκεία Φιλανθρωπία» ἤρχισε τό 22ον Φεστιβάλ Ταινιῶν εἰς τάς Κάννας.

ΠΑΡΙΣΙΟΙ, 9. (Ρώυτερ). — Ὁ ὑποψήφιος διά τήν Προεδρίαν τῆς Γαλλικῆς Δημοκρατίας κ. Ζώρζ Πομπιντού ἐδήλωσεν ὅτι ἐάν ἐκλεγῇ θά περιβάλῃ τό Κοινοβούλιον μέ εὐρυτέρας ἁρμοδιότητας. Ὡς πρός τήν εἴσοδον τῆς Μεγάλης Βρεταννίας εἰς τήν Κοινήν Ἀγοράν ἐτήρησε στάσιν ἐπιφυλακτικήν, τονίσας ὅτι πρέπει νά ἐξετασθοῦν προσεκτικῶς αἱ συνέπειαι διά τήν Κοινότητα. ΒΕΒΑΙΟΣ Ο ΠΟΜΠΙΝΤΟΥ — Η ΥΠΟΨΗΦΙΟΤΗΣ ΟΙΚΟΝΟΜΟΥ.

ΑΝΗΣΥΧΟΥΝ ΤΟΝ ΚΑΝΑΔΑΝ ΑΙ ΠΛΗΡΟΦΟΡΙΑΙ ΠΕΡΙ ΠΥΡΗΝΙΚΟΥ ΕΞΟΠΛΙΣΜΟΥ ΤΟΥ ΙΣΡΑΗΛ

ΟΤΤΑΒΑ, 9. (Ὑπηρ. Τύπου). — Ἀνησυχίαν προκαλοῦν εἰς τόν Καναδᾶν αἱ πληροφορίαι περί πυρηνικοῦ ἐξοπλισμοῦ τοῦ Ἰσραήλ. ΣΥΝΟΜΙΛΙΑΙ.

ΠΑΡΙΣΙΟΙ, 9. (Ρώυτερ). — Ὁ ὑποψήφιος διά τήν Προεδρίαν τῆς Γαλλικῆς Δημοκρατίας κ. Ζώρζ Πομπιντού ἐδήλωσεν ὅτι ἐάν ἐκλεγῇ θά περιβάλῃ τό Κοινοβούλιον μέ εὐρυτέρας ἁρμοδιότητας. Ὡς πρός τήν εἴσοδον τῆς Μεγάλης Βρεταννίας εἰς τήν Κοινήν Ἀγοράν ἐτήρησε στάσιν ἐπιφυλακτικήν, τονίσας ὅτι πρέπει νά ἐξετασθοῦν προσεκτικῶς αἱ συνέπειαι διά τήν Κοινότητα. ΒΕΒΑΙΟΣ Ο ΠΟΜΠΙΝΤΟΥ — Η ΥΠΟΨΗΦΙΟΤΗΣ ΟΙΚΟΝΟΜΟΥ.
